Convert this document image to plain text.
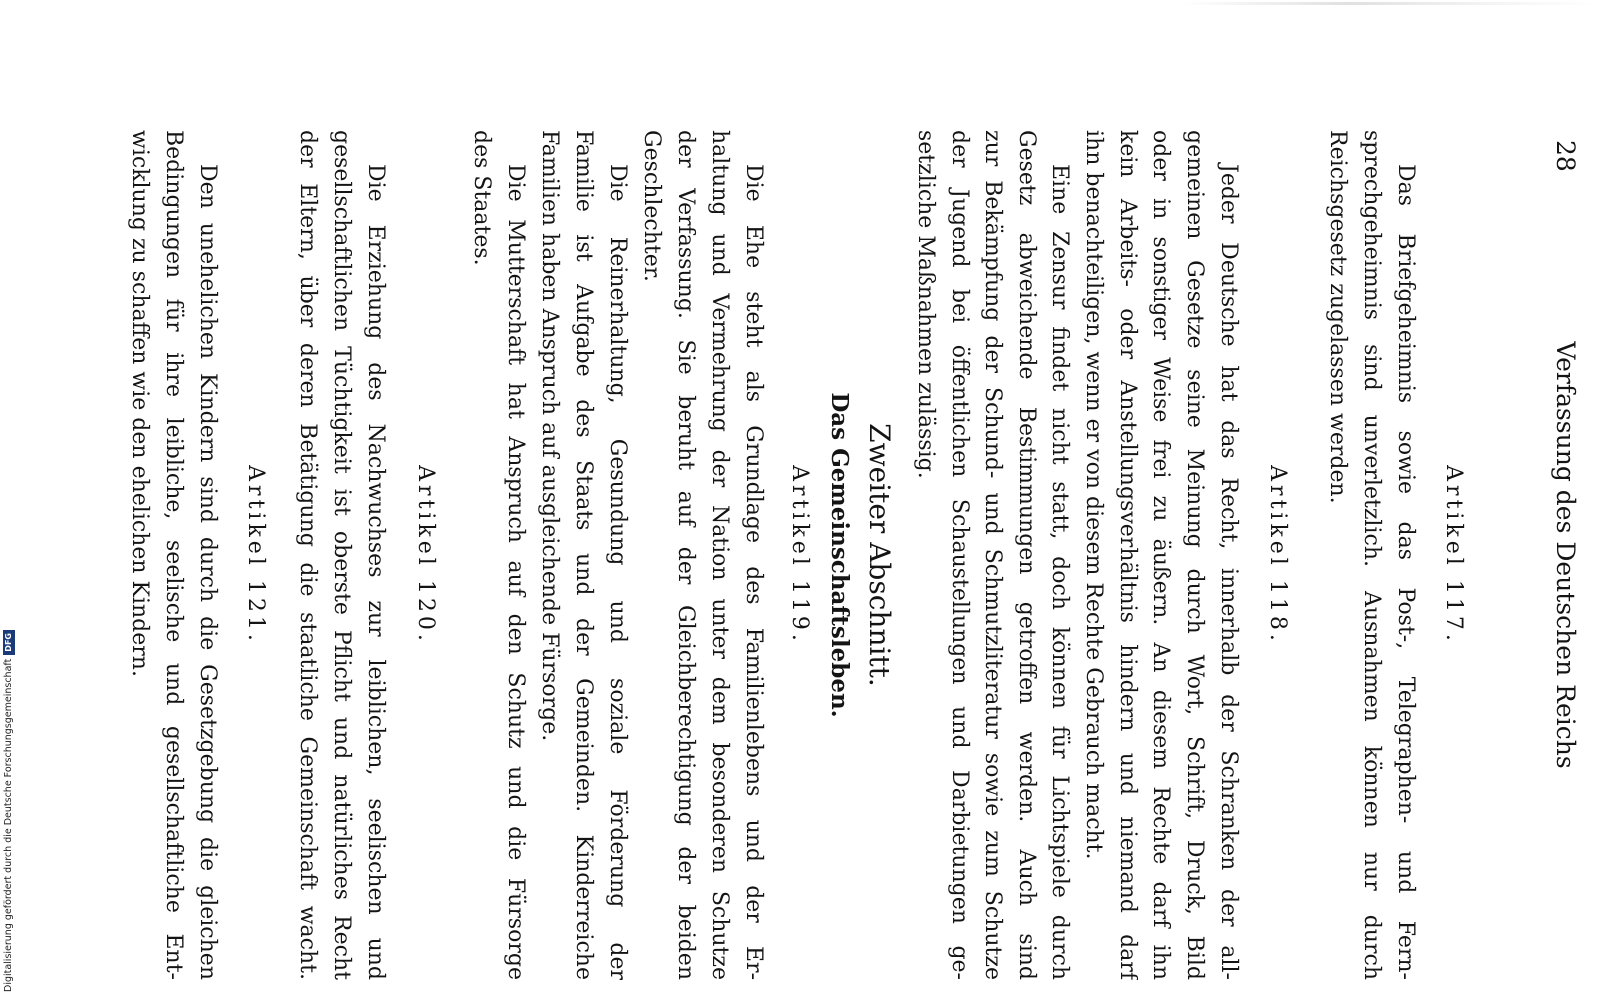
28
Verfassung des Deutschen Reichs
Artikel 117.
Das Briefgeheimnis sowie das Post-, Telegraphen- und Fern-
sprechgeheimnis sind unverletzlich. Ausnahmen können nur durch
Reichsgesetz zugelassen werden.
Artikel 118.
Jeder Deutsche hat das Recht, innerhalb der Schranken der all-
gemeinen Gesetze seine Meinung durch Wort, Schrift, Druck, Bild
oder in sonstiger Weise frei zu äußern. An diesem Rechte darf ihn
kein Arbeits- oder Anstellungsverhältnis hindern und niemand darf
ihn benachteiligen, wenn er von diesem Rechte Gebrauch macht.
Eine Zensur findet nicht statt, doch können für Lichtspiele durch
Gesetz abweichende Bestimmungen getroffen werden. Auch sind
zur Bekämpfung der Schund- und Schmutzliteratur sowie zum Schutze
der Jugend bei öffentlichen Schaustellungen und Darbietungen ge-
setzliche Maßnahmen zulässig.
Zweiter Abschnitt.
Das Gemeinschaftsleben.
Artikel 119.
Die Ehe steht als Grundlage des Familienlebens und der Er-
haltung und Vermehrung der Nation unter dem besonderen Schutze
der Verfassung. Sie beruht auf der Gleichberechtigung der beiden
Geschlechter.
Die Reinerhaltung, Gesundung und soziale Förderung der
Familie ist Aufgabe des Staats und der Gemeinden. Kinderreiche
Familien haben Anspruch auf ausgleichende Fürsorge.
Die Mutterschaft hat Anspruch auf den Schutz und die Fürsorge
des Staates.
Artikel 120.
Die Erziehung des Nachwuchses zur leiblichen, seelischen und
gesellschaftlichen Tüchtigkeit ist oberste Pflicht und natürliches Recht
der Eltern, über deren Betätigung die staatliche Gemeinschaft wacht.
Artikel 121.
Den unehelichen Kindern sind durch die Gesetzgebung die gleichen
Bedingungen für ihre leibliche, seelische und gesellschaftliche Ent-
wicklung zu schaffen wie den ehelichen Kindern.
Digitalisierung gefördert durch die Deutsche ForschungsgemeinschaftDFG
